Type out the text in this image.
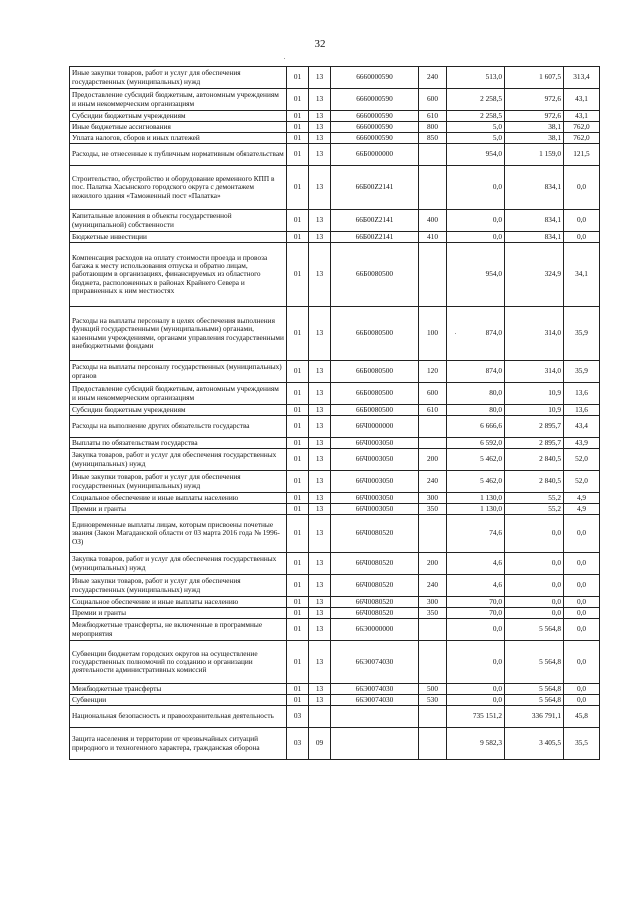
32
Иные закупки товаров, работ и услуг для обеспечения государственных (муниципальных) нужд	01	13	6660000590	240	513,0	1 607,5	313,4
Предоставление субсидий бюджетным, автономным учреждениям и иным некоммерческим организациям	01	13	6660000590	600	2 258,5	972,6	43,1
Субсидии бюджетным учреждениям	01	13	6660000590	610	2 258,5	972,6	43,1
Иные бюджетные ассигнования	01	13	6660000590	800	5,0	38,1	762,0
Уплата налогов, сборов и иных платежей	01	13	6660000590	850	5,0	38,1	762,0
Расходы, не отнесенные к публичным нормативным обязательствам	01	13	66Б0000000		954,0	1 159,0	121,5
Строительство, обустройство и оборудование временного КПП в пос. Палатка Хасынского городского округа с демонтажем нежилого здания «Таможенный пост «Палатка»	01	13	66Б00Z2141		0,0	834,1	0,0
Капитальные вложения в объекты государственной (муниципальной) собственности	01	13	66Б00Z2141	400	0,0	834,1	0,0
Бюджетные инвестиции	01	13	66Б00Z2141	410	0,0	834,1	0,0
Компенсация расходов на оплату стоимости проезда и провоза багажа к месту использования отпуска и обратно лицам, работающим в организациях, финансируемых из областного бюджета, расположенных в районах Крайнего Севера и приравненных к ним местностях	01	13	66Б0080500		954,0	324,9	34,1
Расходы на выплаты персоналу в целях обеспечения выполнения функций государственными (муниципальными) органами, казенными учреждениями, органами управления государственными внебюджетными фондами	01	13	66Б0080500	100	874,0	314,0	35,9
Расходы на выплаты персоналу государственных (муниципальных) органов	01	13	66Б0080500	120	874,0	314,0	35,9
Предоставление субсидий бюджетным, автономным учреждениям и иным некоммерческим организациям	01	13	66Б0080500	600	80,0	10,9	13,6
Субсидии бюджетным учреждениям	01	13	66Б0080500	610	80,0	10,9	13,6
Расходы на выполнение других обязательств государства	01	13	66Ч0000000		6 666,6	2 895,7	43,4
Выплаты по обязательствам государства	01	13	66Ч0003050		6 592,0	2 895,7	43,9
Закупка товаров, работ и услуг для обеспечения государственных (муниципальных) нужд	01	13	66Ч0003050	200	5 462,0	2 840,5	52,0
Иные закупки товаров, работ и услуг для обеспечения государственных (муниципальных) нужд	01	13	66Ч0003050	240	5 462,0	2 840,5	52,0
Социальное обеспечение и иные выплаты населению	01	13	66Ч0003050	300	1 130,0	55,2	4,9
Премии и гранты	01	13	66Ч0003050	350	1 130,0	55,2	4,9
Единовременные выплаты лицам, которым присвоены почетные звания (Закон Магаданской области от 03 марта 2016 года № 1996-ОЗ)	01	13	66Ч0080520		74,6	0,0	0,0
Закупка товаров, работ и услуг для обеспечения государственных (муниципальных) нужд	01	13	66Ч0080520	200	4,6	0,0	0,0
Иные закупки товаров, работ и услуг для обеспечения государственных (муниципальных) нужд	01	13	66Ч0080520	240	4,6	0,0	0,0
Социальное обеспечение и иные выплаты населению	01	13	66Ч0080520	300	70,0	0,0	0,0
Премии и гранты	01	13	66Ч0080520	350	70,0	0,0	0,0
Межбюджетные трансферты, не включенные в программные мероприятия	01	13	66Э0000000		0,0	5 564,8	0,0
Субвенции бюджетам городских округов на осуществление государственных полномочий по созданию и организации деятельности административных комиссий	01	13	66Э0074030		0,0	5 564,8	0,0
Межбюджетные трансферты	01	13	66Э0074030	500	0,0	5 564,8	0,0
Субвенции	01	13	66Э0074030	530	0,0	5 564,8	0,0
Национальная безопасность и правоохранительная деятельность	03				735 151,2	336 791,1	45,8
Защита населения и территории от чрезвычайных ситуаций природного и техногенного характера, гражданская оборона	03	09			9 582,3	3 405,5	35,5
